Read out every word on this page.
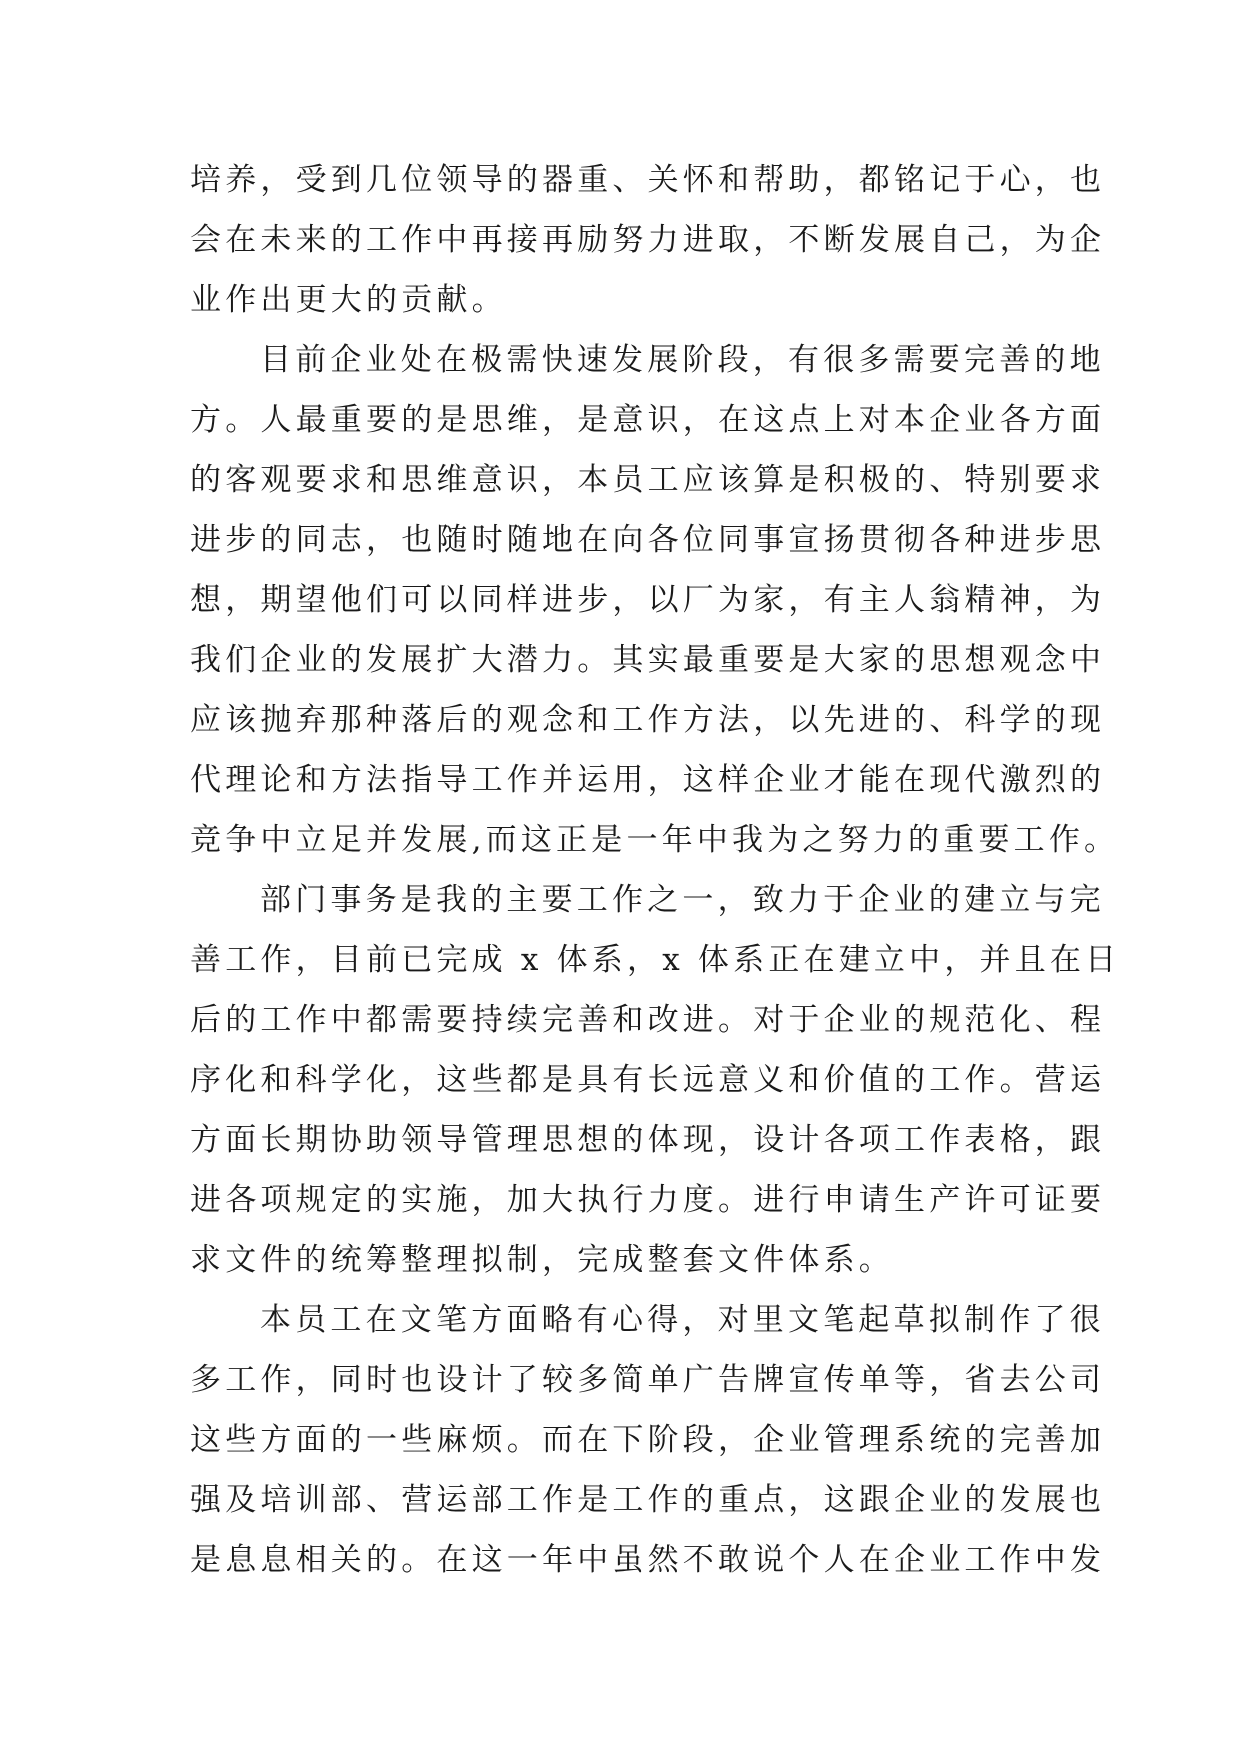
培养，受到几位领导的器重、关怀和帮助，都铭记于心，也

会在未来的工作中再接再励努力进取，不断发展自己，为企

业作出更大的贡献。

目前企业处在极需快速发展阶段，有很多需要完善的地

方。人最重要的是思维，是意识，在这点上对本企业各方面

的客观要求和思维意识，本员工应该算是积极的、特别要求

进步的同志，也随时随地在向各位同事宣扬贯彻各种进步思

想，期望他们可以同样进步，以厂为家，有主人翁精神，为

我们企业的发展扩大潜力。其实最重要是大家的思想观念中

应该抛弃那种落后的观念和工作方法，以先进的、科学的现

代理论和方法指导工作并运用，这样企业才能在现代激烈的

竞争中立足并发展,而这正是一年中我为之努力的重要工作。

部门事务是我的主要工作之一，致力于企业的建立与完

善工作，目前已完成 x 体系，x 体系正在建立中，并且在日

后的工作中都需要持续完善和改进。对于企业的规范化、程

序化和科学化，这些都是具有长远意义和价值的工作。营运

方面长期协助领导管理思想的体现，设计各项工作表格，跟

进各项规定的实施，加大执行力度。进行申请生产许可证要

求文件的统筹整理拟制，完成整套文件体系。

本员工在文笔方面略有心得，对里文笔起草拟制作了很

多工作，同时也设计了较多简单广告牌宣传单等，省去公司

这些方面的一些麻烦。而在下阶段，企业管理系统的完善加

强及培训部、营运部工作是工作的重点，这跟企业的发展也

是息息相关的。在这一年中虽然不敢说个人在企业工作中发
